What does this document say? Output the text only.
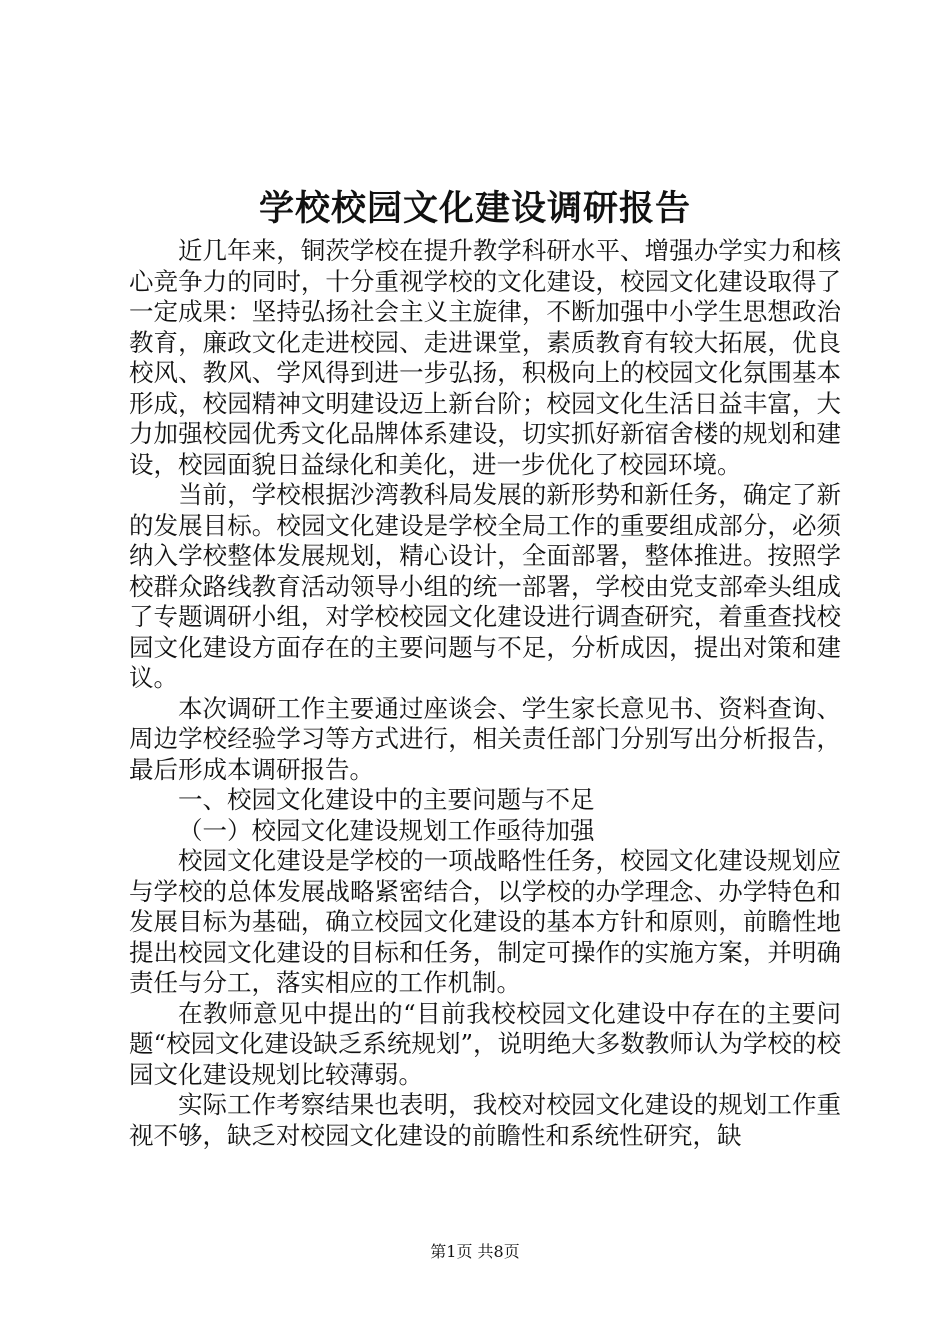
学校校园文化建设调研报告

近几年来，铜茨学校在提升教学科研水平、增强办学实力和核心竞争力的同时，十分重视学校的文化建设，校园文化建设取得了一定成果：坚持弘扬社会主义主旋律，不断加强中小学生思想政治教育，廉政文化走进校园、走进课堂，素质教育有较大拓展，优良校风、教风、学风得到进一步弘扬，积极向上的校园文化氛围基本形成，校园精神文明建设迈上新台阶；校园文化生活日益丰富，大力加强校园优秀文化品牌体系建设，切实抓好新宿舍楼的规划和建设，校园面貌日益绿化和美化，进一步优化了校园环境。

当前，学校根据沙湾教科局发展的新形势和新任务，确定了新的发展目标。校园文化建设是学校全局工作的重要组成部分，必须纳入学校整体发展规划，精心设计，全面部署，整体推进。按照学校群众路线教育活动领导小组的统一部署，学校由党支部牵头组成了专题调研小组，对学校校园文化建设进行调查研究，着重查找校园文化建设方面存在的主要问题与不足，分析成因，提出对策和建议。

本次调研工作主要通过座谈会、学生家长意见书、资料查询、周边学校经验学习等方式进行，相关责任部门分别写出分析报告，最后形成本调研报告。

一、校园文化建设中的主要问题与不足

（一）校园文化建设规划工作亟待加强

校园文化建设是学校的一项战略性任务，校园文化建设规划应与学校的总体发展战略紧密结合，以学校的办学理念、办学特色和发展目标为基础，确立校园文化建设的基本方针和原则，前瞻性地提出校园文化建设的目标和任务，制定可操作的实施方案，并明确责任与分工，落实相应的工作机制。

在教师意见中提出的“目前我校校园文化建设中存在的主要问题“校园文化建设缺乏系统规划”，说明绝大多数教师认为学校的校园文化建设规划比较薄弱。

实际工作考察结果也表明，我校对校园文化建设的规划工作重视不够，缺乏对校园文化建设的前瞻性和系统性研究，缺

第1页 共8页
